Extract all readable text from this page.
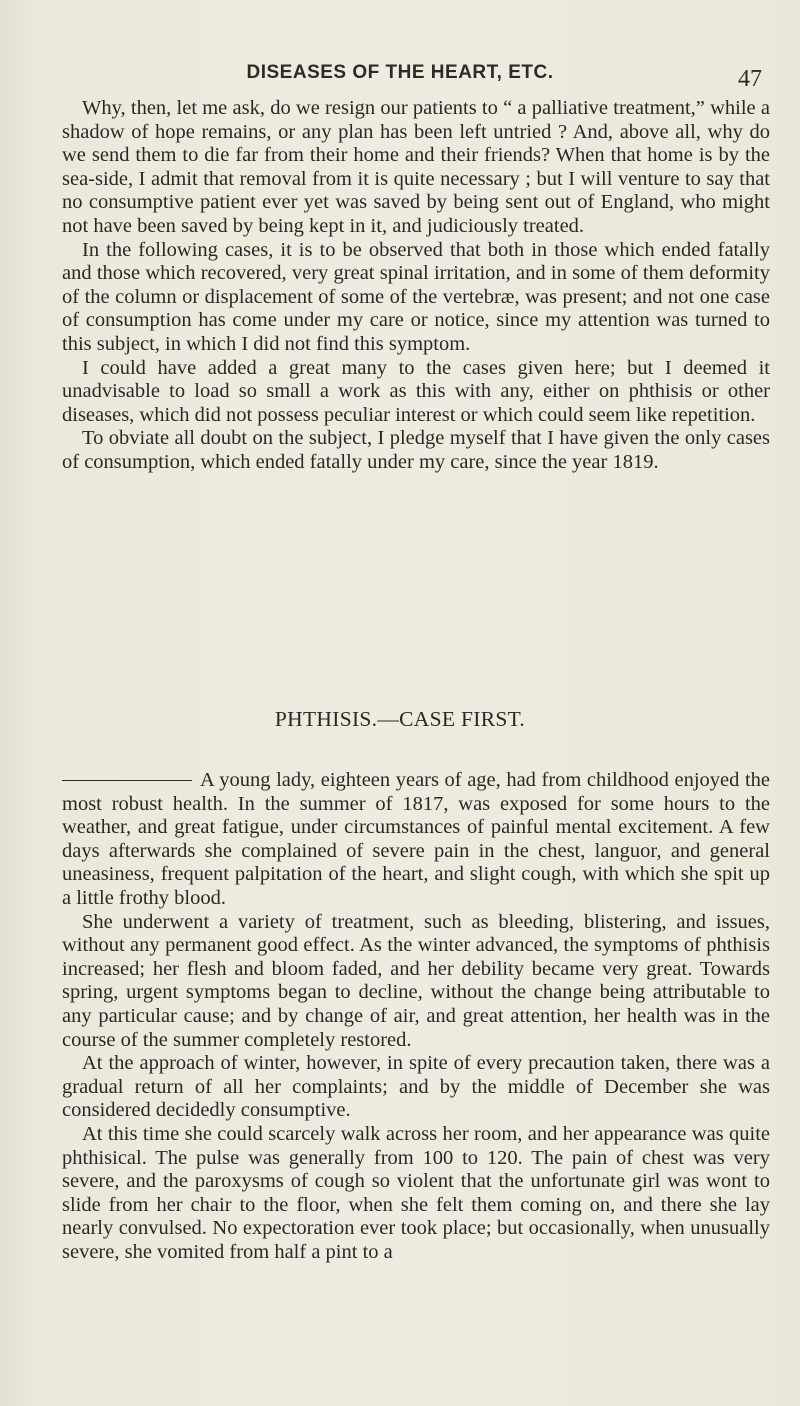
DISEASES OF THE HEART, ETC.	47

Why, then, let me ask, do we resign our patients to “ a palliative treatment,” while a shadow of hope remains, or any plan has been left untried ? And, above all, why do we send them to die far from their home and their friends? When that home is by the sea-side, I admit that removal from it is quite necessary ; but I will venture to say that no consumptive patient ever yet was saved by being sent out of England, who might not have been saved by being kept in it, and judiciously treated.

In the following cases, it is to be observed that both in those which ended fatally and those which recovered, very great spinal irritation, and in some of them deformity of the column or displacement of some of the vertebræ, was present; and not one case of consumption has come under my care or notice, since my attention was turned to this subject, in which I did not find this symptom.

I could have added a great many to the cases given here; but I deemed it unadvisable to load so small a work as this with any, either on phthisis or other diseases, which did not possess peculiar interest or which could seem like repetition.

To obviate all doubt on the subject, I pledge myself that I have given the only cases of consumption, which ended fatally under my care, since the year 1819.

PHTHISIS.—CASE FIRST.

A young lady, eighteen years of age, had from childhood enjoyed the most robust health. In the summer of 1817, was exposed for some hours to the weather, and great fatigue, under circumstances of painful mental excitement. A few days afterwards she complained of severe pain in the chest, languor, and general uneasiness, frequent palpitation of the heart, and slight cough, with which she spit up a little frothy blood.

She underwent a variety of treatment, such as bleeding, blistering, and issues, without any permanent good effect. As the winter advanced, the symptoms of phthisis increased; her flesh and bloom faded, and her debility became very great. Towards spring, urgent symptoms began to decline, without the change being attributable to any particular cause; and by change of air, and great attention, her health was in the course of the summer completely restored.

At the approach of winter, however, in spite of every precaution taken, there was a gradual return of all her complaints; and by the middle of December she was considered decidedly consumptive.

At this time she could scarcely walk across her room, and her appearance was quite phthisical. The pulse was generally from 100 to 120. The pain of chest was very severe, and the paroxysms of cough so violent that the unfortunate girl was wont to slide from her chair to the floor, when she felt them coming on, and there she lay nearly convulsed. No expectoration ever took place; but occasionally, when unusually severe, she vomited from half a pint to a
